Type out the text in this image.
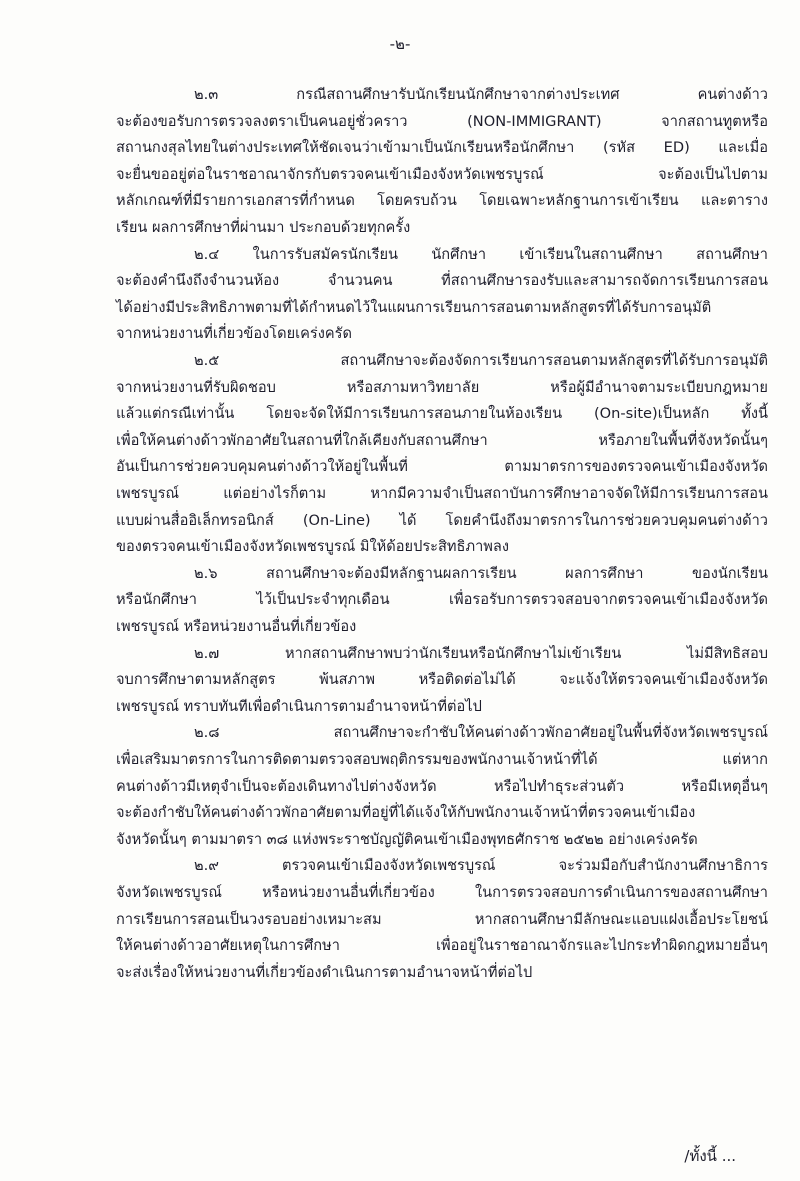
-๒-
๒.๓ กรณีสถานศึกษารับนักเรียนนักศึกษาจากต่างประเทศ คนต่างด้าว
จะต้องขอรับการตรวจลงตราเป็นคนอยู่ชั่วคราว (NON-IMMIGRANT) จากสถานทูตหรือ
สถานกงสุลไทยในต่างประเทศให้ชัดเจนว่าเข้ามาเป็นนักเรียนหรือนักศึกษา (รหัส ED) และเมื่อ
จะยื่นขออยู่ต่อในราชอาณาจักรกับตรวจคนเข้าเมืองจังหวัดเพชรบูรณ์ จะต้องเป็นไปตาม
หลักเกณฑ์ที่มีรายการเอกสารที่กำหนด โดยครบถ้วน โดยเฉพาะหลักฐานการเข้าเรียน และตาราง
เรียน ผลการศึกษาที่ผ่านมา ประกอบด้วยทุกครั้ง
๒.๔ ในการรับสมัครนักเรียน นักศึกษา เข้าเรียนในสถานศึกษา สถานศึกษา
จะต้องคำนึงถึงจำนวนห้อง จำนวนคน ที่สถานศึกษารองรับและสามารถจัดการเรียนการสอน
ได้อย่างมีประสิทธิภาพตามที่ได้กำหนดไว้ในแผนการเรียนการสอนตามหลักสูตรที่ได้รับการอนุมัติ
จากหน่วยงานที่เกี่ยวข้องโดยเคร่งครัด
๒.๕ สถานศึกษาจะต้องจัดการเรียนการสอนตามหลักสูตรที่ได้รับการอนุมัติ
จากหน่วยงานที่รับผิดชอบ หรือสภามหาวิทยาลัย หรือผู้มีอำนาจตามระเบียบกฎหมาย
แล้วแต่กรณีเท่านั้น โดยจะจัดให้มีการเรียนการสอนภายในห้องเรียน (On-site)เป็นหลัก ทั้งนี้
เพื่อให้คนต่างด้าวพักอาศัยในสถานที่ใกล้เคียงกับสถานศึกษา หรือภายในพื้นที่จังหวัดนั้นๆ
อันเป็นการช่วยควบคุมคนต่างด้าวให้อยู่ในพื้นที่ ตามมาตรการของตรวจคนเข้าเมืองจังหวัด
เพชรบูรณ์ แต่อย่างไรก็ตาม หากมีความจำเป็นสถาบันการศึกษาอาจจัดให้มีการเรียนการสอน
แบบผ่านสื่ออิเล็กทรอนิกส์ (On-Line) ได้ โดยคำนึงถึงมาตรการในการช่วยควบคุมคนต่างด้าว
ของตรวจคนเข้าเมืองจังหวัดเพชรบูรณ์ มิให้ด้อยประสิทธิภาพลง
๒.๖ สถานศึกษาจะต้องมีหลักฐานผลการเรียน ผลการศึกษา ของนักเรียน
หรือนักศึกษา ไว้เป็นประจำทุกเดือน เพื่อรอรับการตรวจสอบจากตรวจคนเข้าเมืองจังหวัด
เพชรบูรณ์ หรือหน่วยงานอื่นที่เกี่ยวข้อง
๒.๗ หากสถานศึกษาพบว่านักเรียนหรือนักศึกษาไม่เข้าเรียน ไม่มีสิทธิสอบ
จบการศึกษาตามหลักสูตร พ้นสภาพ หรือติดต่อไม่ได้ จะแจ้งให้ตรวจคนเข้าเมืองจังหวัด
เพชรบูรณ์ ทราบทันทีเพื่อดำเนินการตามอำนาจหน้าที่ต่อไป
๒.๘ สถานศึกษาจะกำชับให้คนต่างด้าวพักอาศัยอยู่ในพื้นที่จังหวัดเพชรบูรณ์
เพื่อเสริมมาตรการในการติดตามตรวจสอบพฤติกรรมของพนักงานเจ้าหน้าที่ได้ แต่หาก
คนต่างด้าวมีเหตุจำเป็นจะต้องเดินทางไปต่างจังหวัด หรือไปทำธุระส่วนตัว หรือมีเหตุอื่นๆ
จะต้องกำชับให้คนต่างด้าวพักอาศัยตามที่อยู่ที่ได้แจ้งให้กับพนักงานเจ้าหน้าที่ตรวจคนเข้าเมือง
จังหวัดนั้นๆ ตามมาตรา ๓๘ แห่งพระราชบัญญัติคนเข้าเมืองพุทธศักราช ๒๕๒๒ อย่างเคร่งครัด
๒.๙ ตรวจคนเข้าเมืองจังหวัดเพชรบูรณ์ จะร่วมมือกับสำนักงานศึกษาธิการ
จังหวัดเพชรบูรณ์ หรือหน่วยงานอื่นที่เกี่ยวข้อง ในการตรวจสอบการดำเนินการของสถานศึกษา
การเรียนการสอนเป็นวงรอบอย่างเหมาะสม หากสถานศึกษามีลักษณะแอบแฝงเอื้อประโยชน์
ให้คนต่างด้าวอาศัยเหตุในการศึกษา เพื่ออยู่ในราชอาณาจักรและไปกระทำผิดกฎหมายอื่นๆ
จะส่งเรื่องให้หน่วยงานที่เกี่ยวข้องดำเนินการตามอำนาจหน้าที่ต่อไป
/ทั้งนี้ ...
